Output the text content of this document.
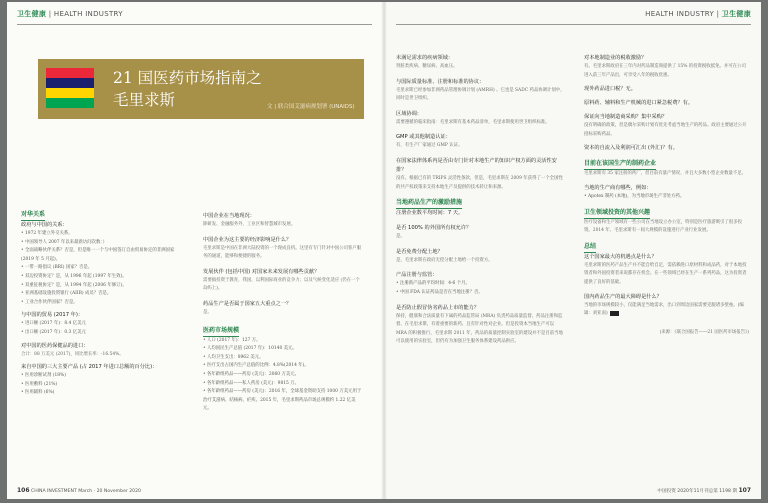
卫生健康 | HEALTH INDUSTRY
21 国医药市场指南之
毛里求斯	文 | 联合国艾滋病规划署 (UNAIDS)
对华关系

政府与中国的关系：

• 1972 年建立外交关系。

• 中国领导人 2007 年以来最新访问次数：）

• 全面战略伙伴关系？否是，但是唯一一个与中国签订自由贸易协定的非洲国家 (2019 年 5 月起)。

• 一带一路倡议 (BRI) 国家？否是。

• 双边投资协定？是，从 1996 年起 (1997 年生效)。

• 双重征税协定？是，从 1994 年起 (2006 年修订)。

• 亚洲基础设施投资银行 (AIIB) 成员？否是。

• 工业合作伙伴国家？否是。

与中国的贸易 (2017 年)：

• 进口额 (2017 年)：8.4 亿美元

• 出口额 (2017 年)：0.3 亿美元

对中国的医药保健品的进口：

合计：88 万美元 (2017)，同比增长率：-16.54%。

来自中国的三大主要产品 (占 2017 年进口总额的百分比)：

• 医用诊断试剂 (18%)

• 医用敷料 (21%)

• 医用辅料 (6%)

中国企业在当地现况：

除研发、金融服务外，工业区和智慧城市发展。

中国企业为这主要的经济影响是什么？

毛里求斯是中国在非洲大陆投资的一个现成良机。这里有专门针对中国公司客户服务的通道，能够和便捷的服务。

发展伙伴 (包括中国) 对国家未来发展有哪些贡献？

需要搞投资于教育，我国，以利国际商业的竞争力；以及气候变化适应 (仍在一个岛屿上)。

药品生产是否属于国家五大重点之一？

是。

医药市场规模

• 人口 (2017 年)：127 万。

• 人均国民生产总值 (2017 年)：10140 美元。

• 人均卫生支出：8962 美元。

• 医疗支出占国内生产总值的比例：4.8%(2014 年)。

• 各年龄组药品——药房 (美元)：2060 万美元。

• 各年龄组药品——私人药房 (美元)：9815 万。

• 各年龄组药品——药房 (美元)：2016 年，全球基金资助支持 1000 万美元用于治疗艾滋病、结核病、疟疾。2015 年，毛里求斯药品市场总规模约 1.22 亿美元。

106 CHINA INVESTMENT March · 20 November 2020
HEALTH INDUSTRY | 卫生健康

未满足需求的疾病领域：

肾脏类疾病、糖尿病、高血压。

与国际质量标准、注册和标准的协议：

毛里求斯已经参加非洲药品管理协调计划 (AMRH) 。它也是 SADC 药品协调计划中，同时是世卫组织。

区域协调：

需要遵循的临床指南：毛里求斯有基本药品清单，毛里求斯使用世卫组织标准。

GMP 或其他制造认证：

有，有生产厂家通过 GMP 认证。

在国家法律体系内是否由专门针对本地生产的知识产权方面的灵活性安排？

没有。根据已有的 TRIPS 灵活性条款，但是，毛里求斯在 2009 年获得了一个全国性的共产权政策来支持本地生产及提供的技术转让和来源。

当地药品生产的激励措施

注册企业数平均时间：7 天。

是否 100% 的外国所有权允许？

是。

是否免费分配土地？

是，毛里求斯在政府无偿分配土地给一个投资方。

产品注册与监管：

• 注册新产品的平均时间：4-6 个月。

• 中国 FDA 认证药品是否在当地注册？否。

是否防止假冒伪劣药品上市的能力？

保持，健康和合法质量有下属的药品监管局 (MRA) 负责药品质量监督、药品注册和监督、在毛里求斯，有着重要的新药、且有针对性对企业。但是投资本当地生产可以 MRA 的积极推行，毛里求斯 2011 年，药品的质量控制实验室的建设并不是目前当地可以使用的实验室，但仍有为加强卫生服务体系建设药品供应。

对本地制造业的税收激励？

有。毛里求斯政府在三年内对药品制造商提供了 15% 的投资税收抵免。并可在公司进入前三年产品出，可享受八年的税收优惠。

现外药品进口税？无。

原料药、辅料和生产机械的进口紧急税费？有。

保证向当地制造商采购？集中采购？

没有明确的政策，但是偶尔采购计划有优先考虑当地生产的药品。政府主要通过公开招标采购药品。

资本的自流入及利润可汇出 (外汇)？有。

目前在该国生产的制药企业

毛里求斯有 35 家注册的药厂，但目前有量产情况，并且大多数小型企业数量不足。

当地的生产商有哪些，例如：

• Apotex 制药 (本地)，为当地市场生产非处方药。

卫生领域投资的其他兴趣

医疗设备和生产领域有一些公司在当地设立办公室，特别是医疗旅游吸引了很多投资。2014 年，毛里求斯有一间大规模的设施进行产业行业发展。

总结

这个国家最大的机遇点是什么？

毛里求斯的医药产品生产并不能自给自足，需依赖进口原材料和成品药，对于本地投资者和外国投资者来说都存在机会。在一些领域已经在生产一系列药品，这为投资者提供了良好的基础。

国内药品生产的最大障碍是什么？

当地的市场规模较小，仅能满足当地需求，出口到周边国家需要克服诸多壁垒。(编辑：刘亚南)

(来源：《联合国报告——21 国医药市场报告》)

中国投资 2020年11月刊总第 1198 期 107
